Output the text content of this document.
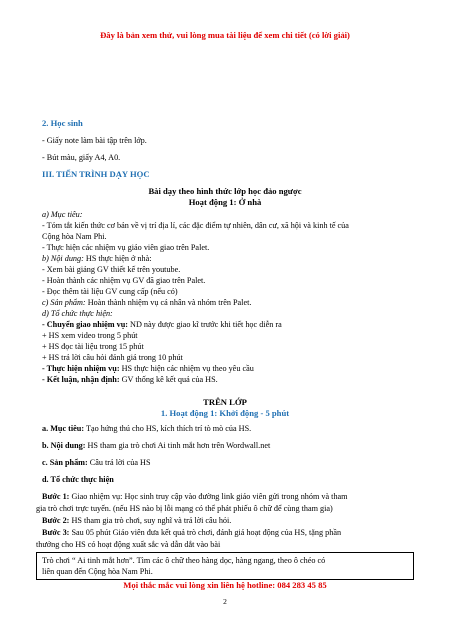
Đây là bản xem thử, vui lòng mua tài liệu để xem chi tiết (có lời giải)
2. Học sinh
- Giấy note làm bài tập trên lớp.
- Bút màu, giấy A4, A0.
III. TIẾN TRÌNH DẠY HỌC
Bài dạy theo hình thức lớp học đảo ngược
Hoạt động 1: Ở nhà
a) Mục tiêu:
- Tóm tắt kiến thức cơ bản về vị trí địa lí, các đặc điểm tự nhiên, dân cư, xã hội và kinh tế của
Cộng hòa Nam Phi.
- Thực hiện các nhiệm vụ giáo viên giao trên Palet.
b) Nội dung: HS thực hiện ở nhà:
- Xem bài giảng GV thiết kế trên youtube.
- Hoàn thành các nhiệm vụ GV đã giao trên Palet.
- Đọc thêm tài liệu GV cung cấp (nếu có)
c) Sản phẩm: Hoàn thành nhiệm vụ cá nhân và nhóm trên Palet.
d) Tổ chức thực hiện:
- Chuyển giao nhiệm vụ: ND này được giao kĩ trước khi tiết học diễn ra
+ HS xem video trong 5 phút
+ HS đọc tài liệu trong 15 phút
+ HS trả lời câu hỏi đánh giá trong 10 phút
- Thực hiện nhiệm vụ: HS thực hiện các nhiệm vụ theo yêu cầu
- Kết luận, nhận định: GV thống kê kết quả của HS.
TRÊN LỚP
1. Hoạt động 1: Khởi động - 5 phút
a. Mục tiêu: Tạo hứng thú cho HS, kích thích trí tò mò của HS.
b. Nội dung: HS tham gia trò chơi Ai tinh mắt hơn trên Wordwall.net
c. Sản phẩm: Câu trả lời của HS
d. Tổ chức thực hiện
Bước 1: Giao nhiệm vụ: Học sinh truy cập vào đường link giáo viên gửi trong nhóm và tham
gia trò chơi trực tuyến. (nếu HS nào bị lỗi mạng có thể phát phiếu ô chữ để cùng tham gia)
Bước 2: HS tham gia trò chơi, suy nghĩ và trả lời câu hỏi.
Bước 3: Sau 05 phút Giáo viên đưa kết quả trò chơi, đánh giá hoạt động của HS, tặng phần
thưởng cho HS có hoạt động xuất sắc và dẫn dắt vào bài
Trò chơi “ Ai tinh mắt hơn”. Tìm các ô chữ theo hàng dọc, hàng ngang, theo ô chéo có
liên quan đến Cộng hòa Nam Phi.
Mọi thắc mắc vui lòng xin liên hệ hotline: 084 283 45 85
2
